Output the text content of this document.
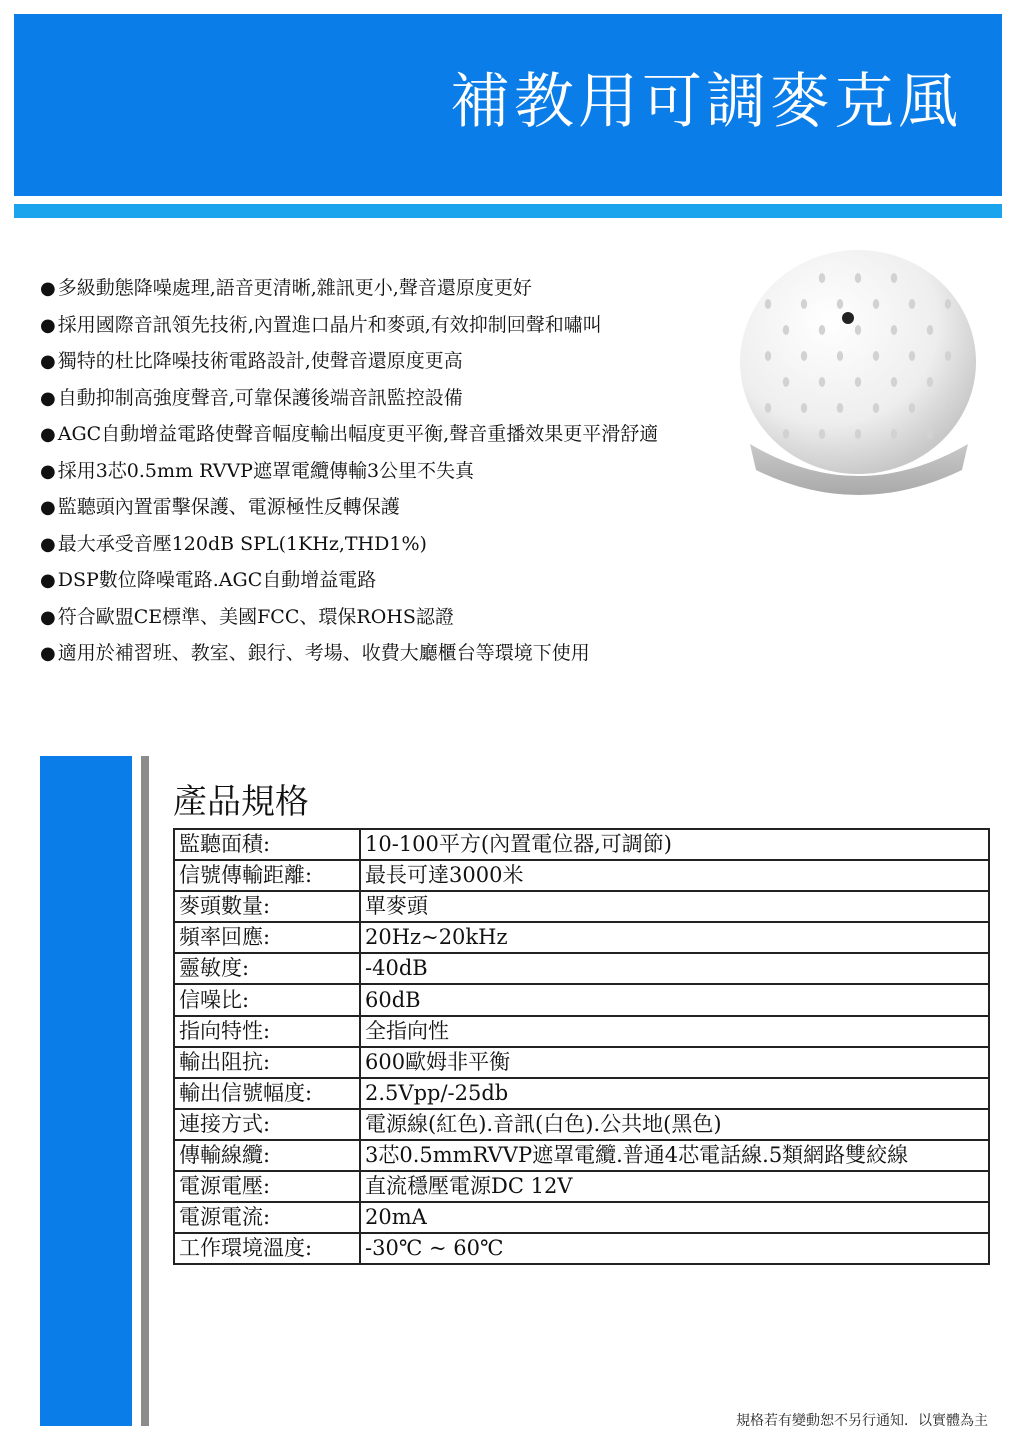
補教用可調麥克風
● 多級動態降噪處理,語音更清晰,雜訊更小,聲音還原度更好
● 採用國際音訊領先技術,內置進口晶片和麥頭,有效抑制回聲和嘯叫
● 獨特的杜比降噪技術電路設計,使聲音還原度更高
● 自動抑制高強度聲音,可靠保護後端音訊監控設備
● AGC自動增益電路使聲音幅度輸出幅度更平衡,聲音重播效果更平滑舒適
● 採用3芯0.5mm RVVP遮罩電纜傳輸3公里不失真
● 監聽頭內置雷擊保護、電源極性反轉保護
● 最大承受音壓120dB SPL(1KHz,THD1%)
● DSP數位降噪電路.AGC自動增益電路
● 符合歐盟CE標準、美國FCC、環保ROHS認證
● 適用於補習班、教室、銀行、考場、收費大廳櫃台等環境下使用
產品規格
監聽面積:	10-100平方(內置電位器,可調節)
信號傳輸距離:	最長可達3000米
麥頭數量:	單麥頭
頻率回應:	20Hz~20kHz
靈敏度:	-40dB
信噪比:	60dB
指向特性:	全指向性
輸出阻抗:	600歐姆非平衡
輸出信號幅度:	2.5Vpp/-25db
連接方式:	電源線(紅色).音訊(白色).公共地(黑色)
傳輸線纜:	3芯0.5mmRVVP遮罩電纜.普通4芯電話線.5類網路雙絞線
電源電壓:	直流穩壓電源DC 12V
電源電流:	20mA
工作環境溫度:	-30℃ ~ 60℃
規格若有變動恕不另行通知．以實體為主
